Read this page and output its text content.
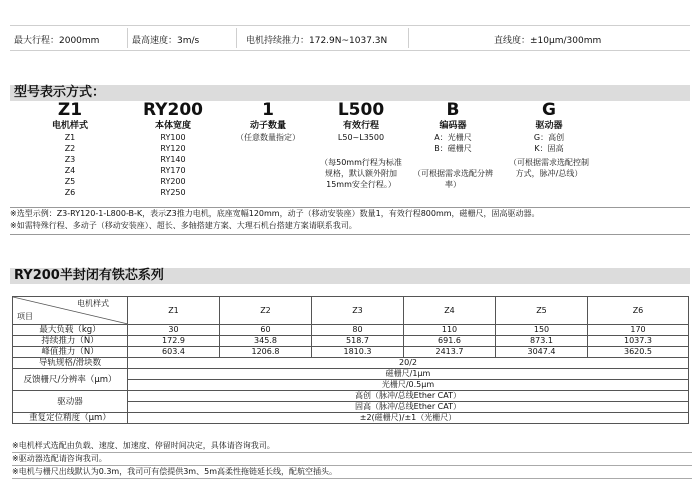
最大行程：2000mm	最高速度：3m/s	电机持续推力：172.9N~1037.3N	直线度：±10μm/300mm
型号表示方式：
Z1
电机样式
Z1
Z2
Z3
Z4
Z5
Z6
RY200
本体宽度
RY100
RY120
RY140
RY170
RY200
RY250
1
动子数量
（任意数量指定）
L500
有效行程
L50~L3500
（每50mm行程为标准规格，默认额外附加15mm安全行程。）
B
编码器
A：光栅尺
B：磁栅尺
（可根据需求选配分辨率）
G
驱动器
G：高创
K：固高
（可根据需求选配控制方式，脉冲/总线）
※选型示例：Z3-RY120-1-L800-B-K，表示Z3推力电机，底座宽幅120mm，动子（移动安装座）数量1，有效行程800mm，磁栅尺，固高驱动器。
※如需特殊行程、多动子（移动安装座）、超长、多轴搭建方案、大理石机台搭建方案请联系我司。
RY200半封闭有铁芯系列
电机样式
项目	Z1	Z2	Z3	Z4	Z5	Z6
最大负载（kg）	30	60	80	110	150	170
持续推力（N）	172.9	345.8	518.7	691.6	873.1	1037.3
峰值推力（N）	603.4	1206.8	1810.3	2413.7	3047.4	3620.5
导轨规格/滑块数	20/2					
反馈栅尺/分辨率（μm）	磁栅尺/1μm					
	光栅尺/0.5μm					
驱动器	高创（脉冲/总线Ether CAT）					
	固高（脉冲/总线Ether CAT）					
重复定位精度（μm）	±2(磁栅尺)/±1（光栅尺）					
※电机样式选配由负载、速度、加速度、停留时间决定，具体请咨询我司。
※驱动器选配请咨询我司。
※电机与栅尺出线默认为0.3m，我司可有偿提供3m、5m高柔性拖链延长线，配航空插头。
